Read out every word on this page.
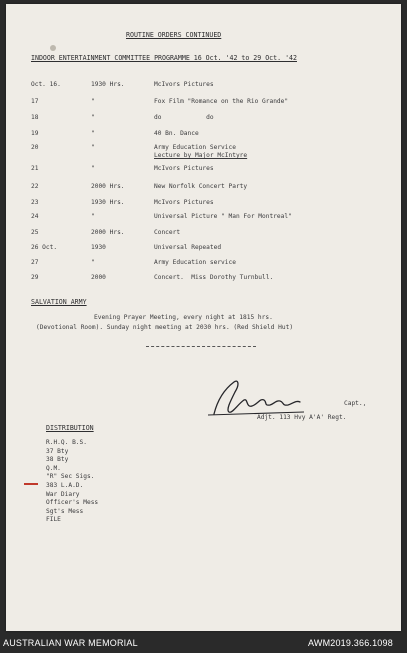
ROUTINE ORDERS CONTINUED
INDOOR ENTERTAINMENT COMMITTEE PROGRAMME 16 Oct. '42 to 29 Oct. '42
Oct. 16.	1930 Hrs.	McIvors Pictures
17	"	Fox Film "Romance on the Rio Grande"
18	"	do            do
19	"	40 Bn. Dance
20	"	Army Education Service
Lecture by Major McIntyre
21	"	McIvors Pictures
22	2000 Hrs.	New Norfolk Concert Party
23	1930 Hrs.	McIvors Pictures
24	"	Universal Picture " Man For Montreal"
25	2000 Hrs.	Concert
26 Oct.	1930	Universal Repeated
27	"	Army Education service
29	2000	Concert.  Miss Dorothy Turnbull.
SALVATION ARMY
Evening Prayer Meeting, every night at 1815 hrs.
(Devotional Room). Sunday night meeting at 2030 hrs. (Red Shield Hut)
Capt.,
Adjt. 113 Hvy A'A' Regt.
DISTRIBUTION
R.H.Q. B.S.
37 Bty
38 Bty
Q.M.
"R" Sec Sigs.
383 L.A.D.
War Diary
Officer's Mess
Sgt's Mess
FILE
AUSTRALIAN WAR MEMORIAL	AWM2019.366.1098
